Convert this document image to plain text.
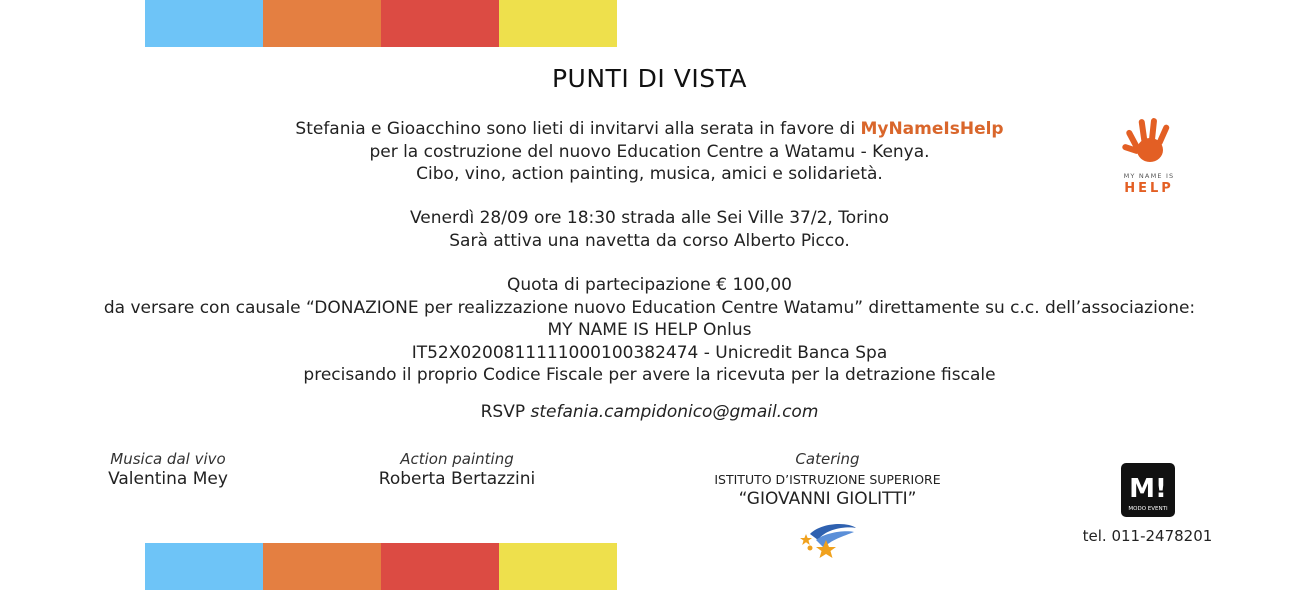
PUNTI DI VISTA
Stefania e Gioacchino sono lieti di invitarvi alla serata in favore di MyNameIsHelp
per la costruzione del nuovo Education Centre a Watamu - Kenya.
Cibo, vino, action painting, musica, amici e solidarietà.
Venerdì 28/09 ore 18:30 strada alle Sei Ville 37/2, Torino
Sarà attiva una navetta da corso Alberto Picco.
Quota di partecipazione € 100,00
da versare con causale “DONAZIONE per realizzazione nuovo Education Centre Watamu” direttamente su c.c. dell’associazione:
MY NAME IS HELP Onlus
IT52X0200811111000100382474 - Unicredit Banca Spa
precisando il proprio Codice Fiscale per avere la ricevuta per la detrazione fiscale
RSVP stefania.campidonico@gmail.com
Musica dal vivo
Valentina Mey
Action painting
Roberta Bertazzini
Catering
ISTITUTO D’ISTRUZIONE SUPERIORE
“GIOVANNI GIOLITTI”
MY NAME IS
HELP
M!
MODO EVENTI
tel. 011-2478201
